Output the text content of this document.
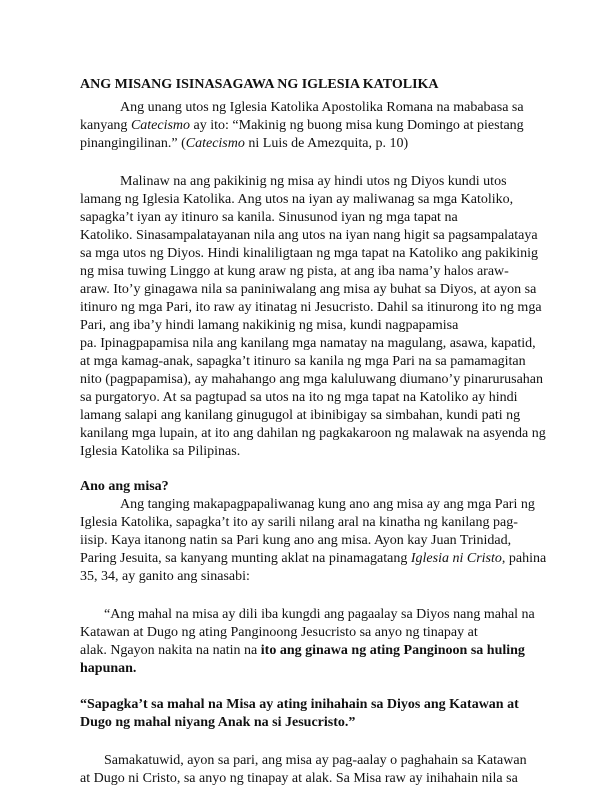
ANG MISANG ISINASAGAWA NG IGLESIA KATOLIKA
Ang unang utos ng Iglesia Katolika Apostolika Romana na mababasa sa
kanyang Catecismo ay ito: “Makinig ng buong misa kung Domingo at piestang
pinangingilinan.” (Catecismo ni Luis de Amezquita, p. 10)
Malinaw na ang pakikinig ng misa ay hindi utos ng Diyos kundi utos
lamang ng Iglesia Katolika. Ang utos na iyan ay maliwanag sa mga Katoliko,
sapagka’t iyan ay itinuro sa kanila. Sinusunod iyan ng mga tapat na
Katoliko. Sinasampalatayanan nila ang utos na iyan nang higit sa pagsampalataya
sa mga utos ng Diyos. Hindi kinaliligtaan ng mga tapat na Katoliko ang pakikinig
ng misa tuwing Linggo at kung araw ng pista, at ang iba nama’y halos araw-
araw. Ito’y ginagawa nila sa paniniwalang ang misa ay buhat sa Diyos, at ayon sa
itinuro ng mga Pari, ito raw ay itinatag ni Jesucristo. Dahil sa itinurong ito ng mga
Pari, ang iba’y hindi lamang nakikinig ng misa, kundi nagpapamisa
pa. Ipinagpapamisa nila ang kanilang mga namatay na magulang, asawa, kapatid,
at mga kamag-anak, sapagka’t itinuro sa kanila ng mga Pari na sa pamamagitan
nito (pagpapamisa), ay mahahango ang mga kaluluwang diumano’y pinarurusahan
sa purgatoryo. At sa pagtupad sa utos na ito ng mga tapat na Katoliko ay hindi
lamang salapi ang kanilang ginugugol at ibinibigay sa simbahan, kundi pati ng
kanilang mga lupain, at ito ang dahilan ng pagkakaroon ng malawak na asyenda ng
Iglesia Katolika sa Pilipinas.
Ano ang misa?
Ang tanging makapagpapaliwanag kung ano ang misa ay ang mga Pari ng
Iglesia Katolika, sapagka’t ito ay sarili nilang aral na kinatha ng kanilang pag-
iisip. Kaya itanong natin sa Pari kung ano ang misa. Ayon kay Juan Trinidad,
Paring Jesuita, sa kanyang munting aklat na pinamagatang Iglesia ni Cristo, pahina
35, 34, ay ganito ang sinasabi:
“Ang mahal na misa ay dili iba kungdi ang pagaalay sa Diyos nang mahal na
Katawan at Dugo ng ating Panginoong Jesucristo sa anyo ng tinapay at
alak. Ngayon nakita na natin na ito ang ginawa ng ating Panginoon sa huling
hapunan.
“Sapagka’t sa mahal na Misa ay ating inihahain sa Diyos ang Katawan at
Dugo ng mahal niyang Anak na si Jesucristo.”
Samakatuwid, ayon sa pari, ang misa ay pag-aalay o paghahain sa Katawan
at Dugo ni Cristo, sa anyo ng tinapay at alak. Sa Misa raw ay inihahain nila sa
